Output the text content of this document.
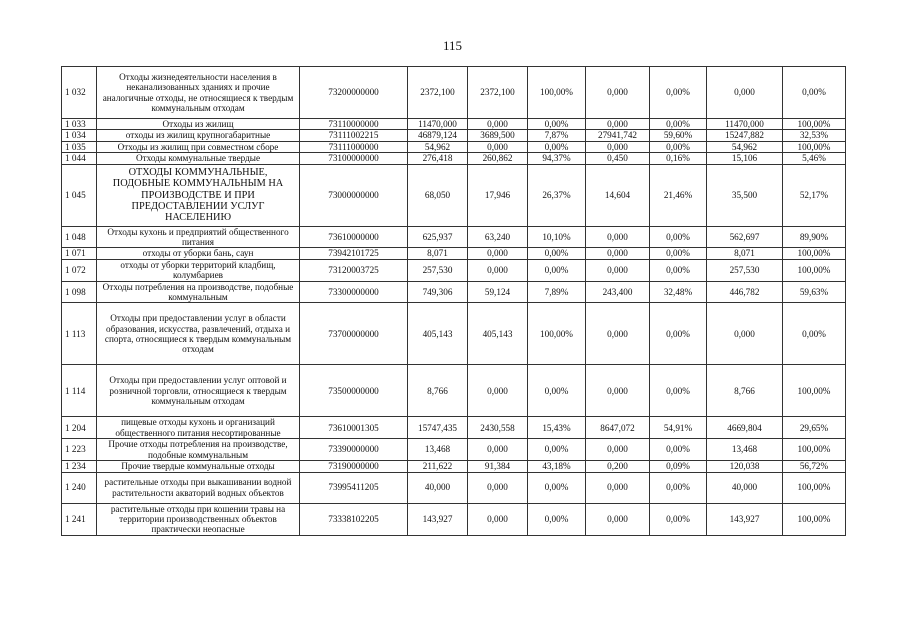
115
1 032	Отходы жизнедеятельности населения в неканализованных зданиях и прочие аналогичные отходы, не относящиеся к твердым коммунальным отходам	73200000000	2372,100	2372,100	100,00%	0,000	0,00%	0,000	0,00%
1 033	Отходы из жилищ	73110000000	11470,000	0,000	0,00%	0,000	0,00%	11470,000	100,00%
1 034	отходы из жилищ крупногабаритные	73111002215	46879,124	3689,500	7,87%	27941,742	59,60%	15247,882	32,53%
1 035	Отходы из жилищ при совместном сборе	73111000000	54,962	0,000	0,00%	0,000	0,00%	54,962	100,00%
1 044	Отходы коммунальные твердые	73100000000	276,418	260,862	94,37%	0,450	0,16%	15,106	5,46%
1 045	ОТХОДЫ КОММУНАЛЬНЫЕ, ПОДОБНЫЕ КОММУНАЛЬНЫМ НА ПРОИЗВОДСТВЕ И ПРИ ПРЕДОСТАВЛЕНИИ УСЛУГ НАСЕЛЕНИЮ	73000000000	68,050	17,946	26,37%	14,604	21,46%	35,500	52,17%
1 048	Отходы кухонь и предприятий общественного питания	73610000000	625,937	63,240	10,10%	0,000	0,00%	562,697	89,90%
1 071	отходы от уборки бань, саун	73942101725	8,071	0,000	0,00%	0,000	0,00%	8,071	100,00%
1 072	отходы от уборки территорий кладбищ, колумбариев	73120003725	257,530	0,000	0,00%	0,000	0,00%	257,530	100,00%
1 098	Отходы потребления на производстве, подобные коммунальным	73300000000	749,306	59,124	7,89%	243,400	32,48%	446,782	59,63%
1 113	Отходы при предоставлении услуг в области образования, искусства, развлечений, отдыха и спорта, относящиеся к твердым коммунальным отходам	73700000000	405,143	405,143	100,00%	0,000	0,00%	0,000	0,00%
1 114	Отходы при предоставлении услуг оптовой и розничной торговли, относящиеся к твердым коммунальным отходам	73500000000	8,766	0,000	0,00%	0,000	0,00%	8,766	100,00%
1 204	пищевые отходы кухонь и организаций общественного питания несортированные	73610001305	15747,435	2430,558	15,43%	8647,072	54,91%	4669,804	29,65%
1 223	Прочие отходы потребления на производстве, подобные коммунальным	73390000000	13,468	0,000	0,00%	0,000	0,00%	13,468	100,00%
1 234	Прочие твердые коммунальные отходы	73190000000	211,622	91,384	43,18%	0,200	0,09%	120,038	56,72%
1 240	растительные отходы при выкашивании водной растительности акваторий водных объектов	73995411205	40,000	0,000	0,00%	0,000	0,00%	40,000	100,00%
1 241	растительные отходы при кошении травы на территории производственных объектов практически неопасные	73338102205	143,927	0,000	0,00%	0,000	0,00%	143,927	100,00%
